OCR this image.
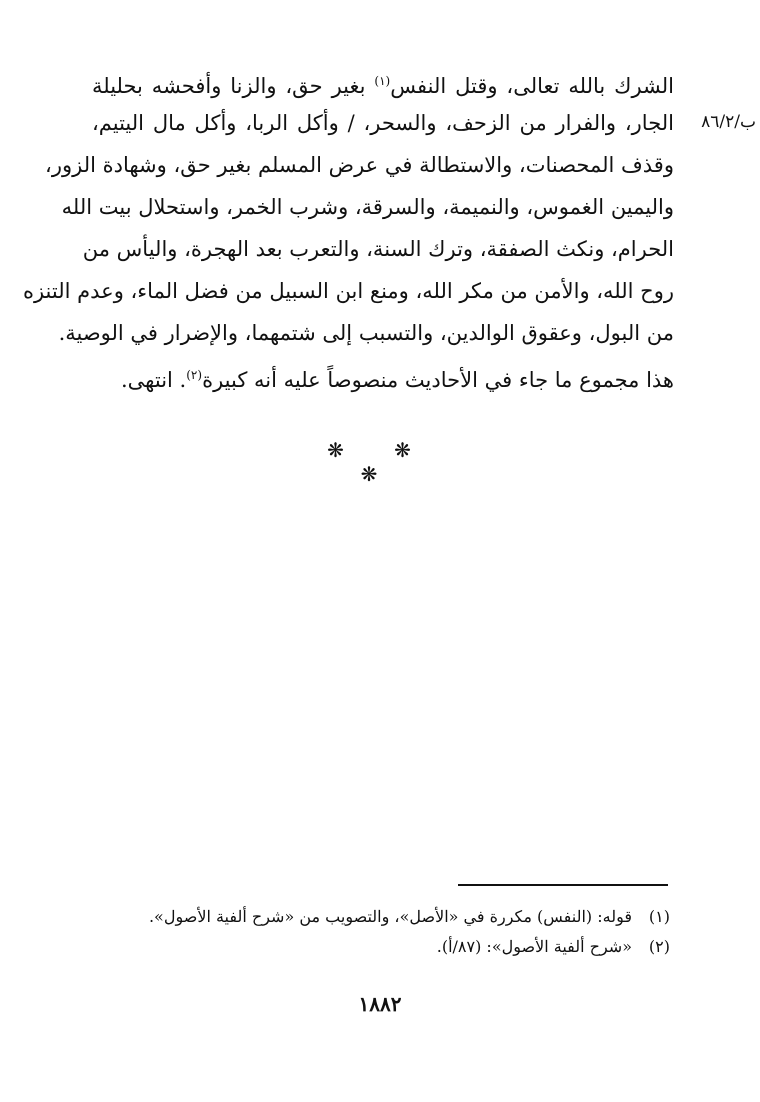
الشرك بالله تعالى، وقتل النفس$^{(١)}$ بغير حق، والزنا وأفحشه بحليلة
الجار، والفرار من الزحف، والسحر، / وأكل الربا، وأكل مال اليتيم،
وقذف المحصنات، والاستطالة في عرض المسلم بغير حق، وشهادة الزور،
واليمين الغموس، والنميمة، والسرقة، وشرب الخمر، واستحلال بيت الله
الحرام، ونكث الصفقة، وترك السنة، والتعرب بعد الهجرة، واليأس من
روح الله، والأمن من مكر الله، ومنع ابن السبيل من فضل الماء، وعدم التنزه
من البول، وعقوق الوالدين، والتسبب إلى شتمهما، والإضرار في الوصية.
هذا مجموع ما جاء في الأحاديث منصوصاً عليه أنه كبيرة$^{(٢)}$. انتهى.
ب/٨٦/٢
❋ ❋ ❋
(١)قوله: (النفس) مكررة في «الأصل»، والتصويب من «شرح ألفية الأصول».
(٢)«شرح ألفية الأصول»: (٨٧/أ).
١٨٨٢
